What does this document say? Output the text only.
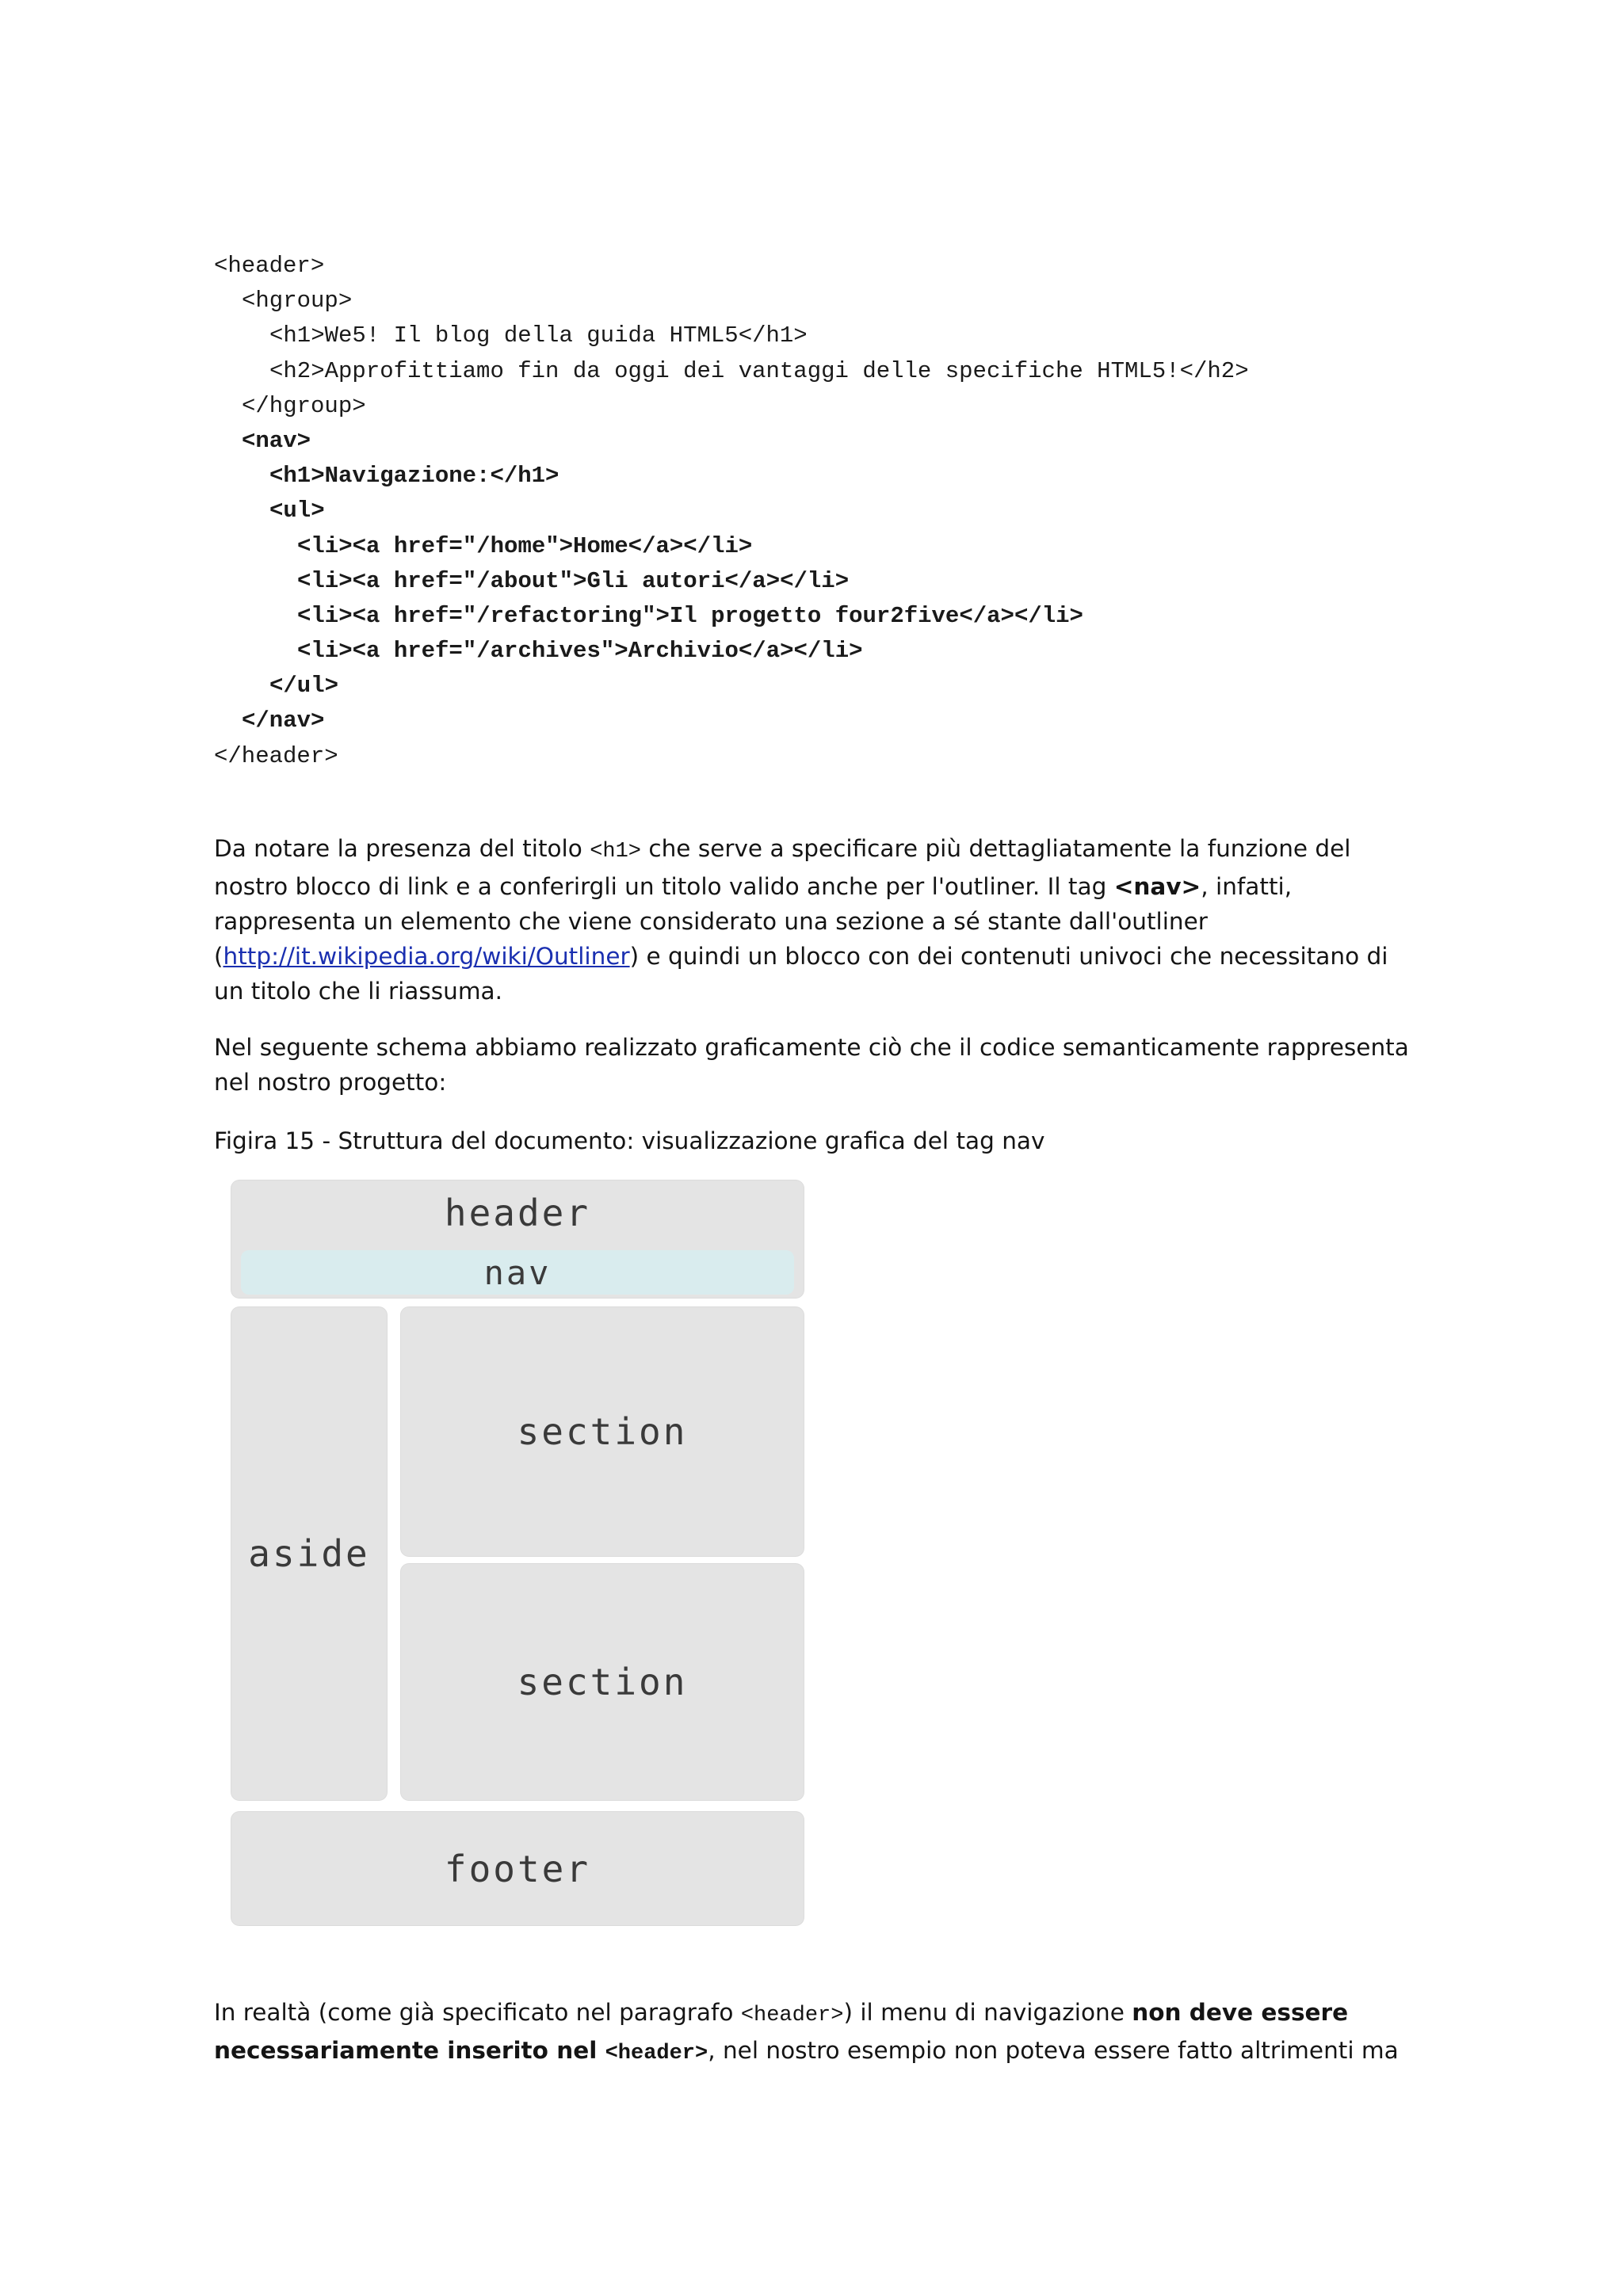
<header>
<hgroup>
<h1>We5! Il blog della guida HTML5</h1>
<h2>Approfittiamo fin da oggi dei vantaggi delle specifiche HTML5!</h2>
</hgroup>
<nav>
<h1>Navigazione:</h1>
<ul>
<li><a href="/home">Home</a></li>
<li><a href="/about">Gli autori</a></li>
<li><a href="/refactoring">Il progetto four2five</a></li>
<li><a href="/archives">Archivio</a></li>
</ul>
</nav>
</header>

Da notare la presenza del titolo <h1> che serve a specificare più dettagliatamente la funzione del nostro blocco di link e a conferirgli un titolo valido anche per l'outliner. Il tag <nav>, infatti, rappresenta un elemento che viene considerato una sezione a sé stante dall'outliner (http://it.wikipedia.org/wiki/Outliner) e quindi un blocco con dei contenuti univoci che necessitano di un titolo che li riassuma.

Nel seguente schema abbiamo realizzato graficamente ciò che il codice semanticamente rappresenta nel nostro progetto:

Figira 15 - Struttura del documento: visualizzazione grafica del tag nav

header
nav
aside
section
section
footer

In realtà (come già specificato nel paragrafo <header>) il menu di navigazione non deve essere necessariamente inserito nel <header>, nel nostro esempio non poteva essere fatto altrimenti ma
